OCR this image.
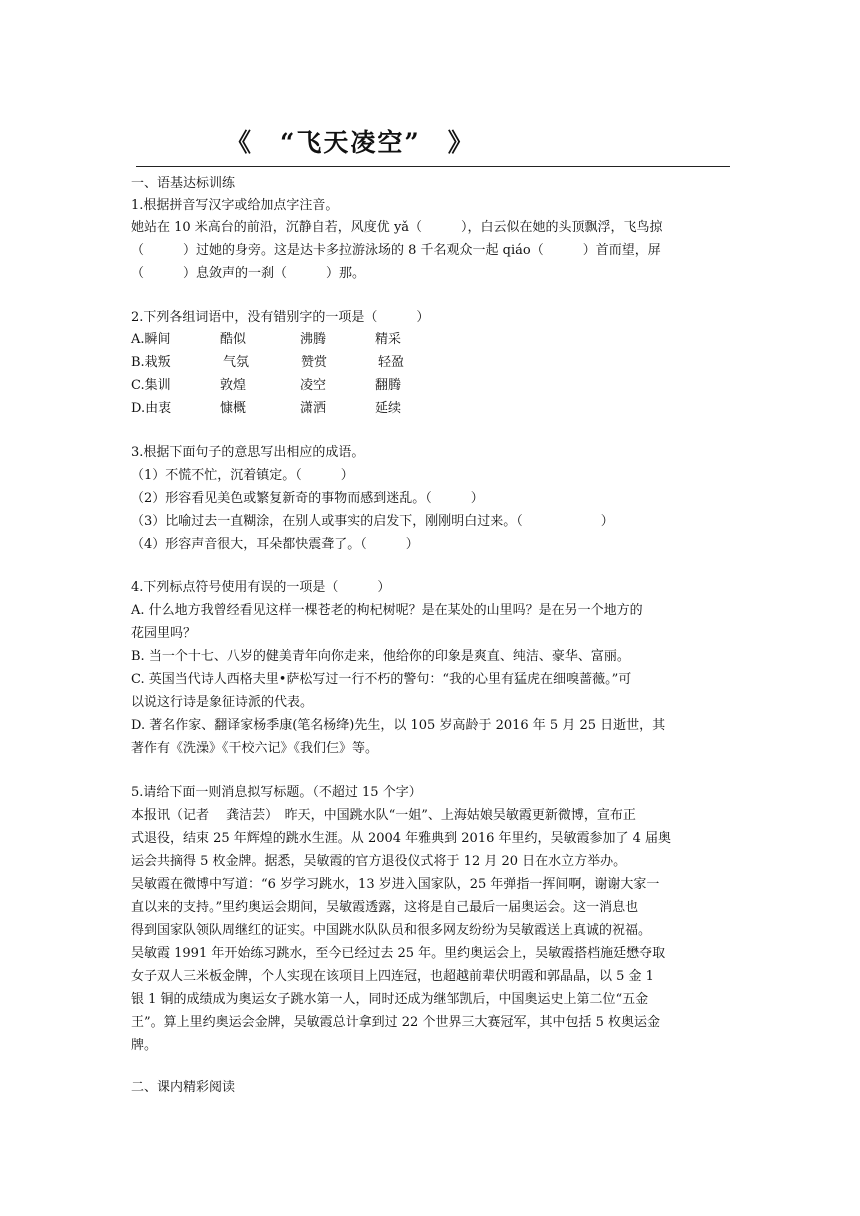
《　“飞天凌空”　》
一、语基达标训练
1.根据拼音写汉字或给加点字注音。
她站在 10 米高台的前沿，沉静自若，风度优 yǎ（　　　），白云似在她的头顶飘浮，飞鸟掠
（　　　）过她的身旁。这是达卡多拉游泳场的 8 千名观众一起 qiáo（　　　）首而望，屏
（　　　）息敛声的一刹（　　　）那。
2.下列各组词语中，没有错别字的一项是（　　　）
A.瞬间	酷似	沸腾	精采
B.栽叛	气氛	赞赏	轻盈
C.集训	敦煌	凌空	翻腾
D.由衷	慷概	潇洒	延续
3.根据下面句子的意思写出相应的成语。
（1）不慌不忙，沉着镇定。（　　　）
（2）形容看见美色或繁复新奇的事物而感到迷乱。（　　　）
（3）比喻过去一直糊涂，在别人或事实的启发下，刚刚明白过来。（　　　　　　）
（4）形容声音很大，耳朵都快震聋了。（　　　）
4.下列标点符号使用有误的一项是（　　　）
A. 什么地方我曾经看见这样一棵苍老的枸杞树呢？是在某处的山里吗？是在另一个地方的
花园里吗？
B. 当一个十七、八岁的健美青年向你走来，他给你的印象是爽直、纯洁、豪华、富丽。
C. 英国当代诗人西格夫里•萨松写过一行不朽的警句：“我的心里有猛虎在细嗅蔷薇。”可
以说这行诗是象征诗派的代表。
D. 著名作家、翻译家杨季康(笔名杨绛)先生，以 105 岁高龄于 2016 年 5 月 25 日逝世，其
著作有《洗澡》《干校六记》《我们仨》等。
5.请给下面一则消息拟写标题。（不超过 15 个字）
本报讯（记者　 龚洁芸）　昨天，中国跳水队“一姐”、上海姑娘吴敏霞更新微博，宣布正
式退役，结束 25 年辉煌的跳水生涯。从 2004 年雅典到 2016 年里约，吴敏霞参加了 4 届奥
运会共摘得 5 枚金牌。据悉，吴敏霞的官方退役仪式将于 12 月 20 日在水立方举办。
吴敏霞在微博中写道：“6 岁学习跳水，13 岁进入国家队，25 年弹指一挥间啊，谢谢大家一
直以来的支持。”里约奥运会期间，吴敏霞透露，这将是自己最后一届奥运会。这一消息也
得到国家队领队周继红的证实。中国跳水队队员和很多网友纷纷为吴敏霞送上真诚的祝福。
吴敏霞 1991 年开始练习跳水，至今已经过去 25 年。里约奥运会上，吴敏霞搭档施廷懋夺取
女子双人三米板金牌，个人实现在该项目上四连冠，也超越前辈伏明霞和郭晶晶，以 5 金 1
银 1 铜的成绩成为奥运女子跳水第一人，同时还成为继邹凯后，中国奥运史上第二位“五金
王”。算上里约奥运会金牌，吴敏霞总计拿到过 22 个世界三大赛冠军，其中包括 5 枚奥运金
牌。
二、课内精彩阅读
